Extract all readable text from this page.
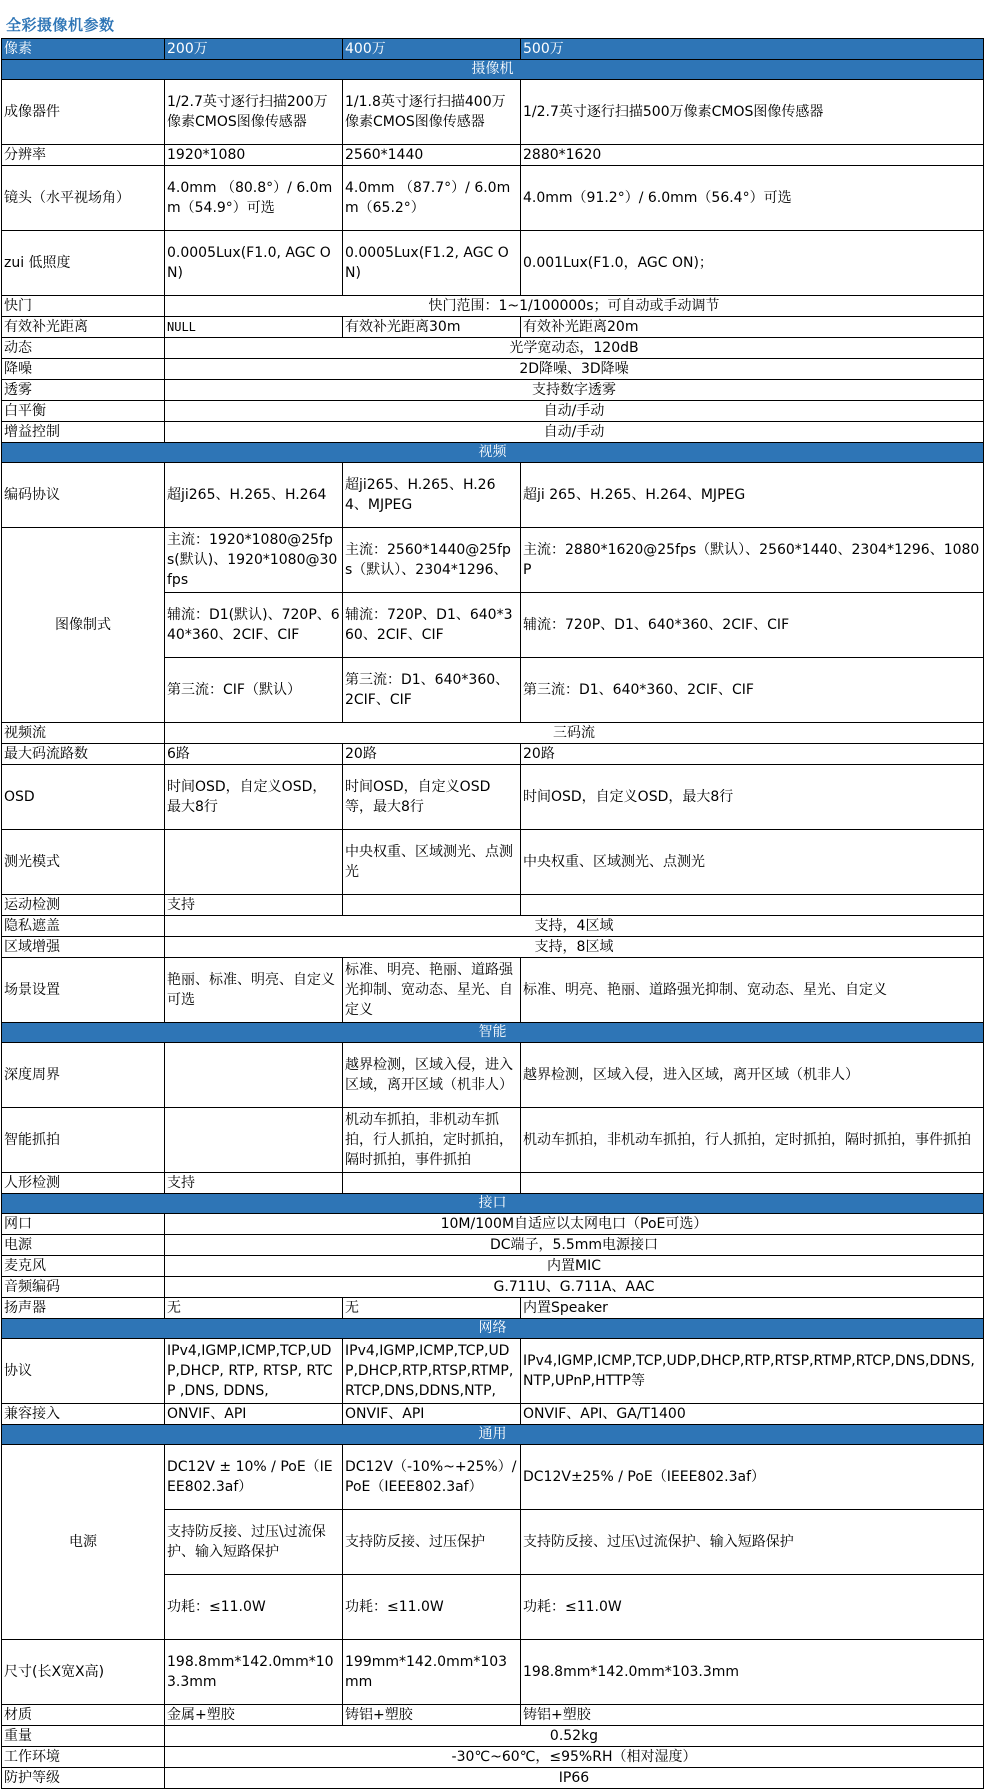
全彩摄像机参数
像素	200万	400万	500万
摄像机			
成像器件	1/2.7英寸逐行扫描200万像素CMOS图像传感器	1/1.8英寸逐行扫描400万像素CMOS图像传感器	1/2.7英寸逐行扫描500万像素CMOS图像传感器
分辨率	1920*1080	2560*1440	2880*1620
镜头（水平视场角）	4.0mm （80.8°）/ 6.0mm（54.9°）可选	4.0mm （87.7°）/ 6.0mm（65.2°）	4.0mm（91.2°）/ 6.0mm（56.4°）可选
zui 低照度	0.0005Lux(F1.0, AGC ON)	0.0005Lux(F1.2, AGC ON)	0.001Lux(F1.0，AGC ON)；
快门	快门范围：1~1/100000s；可自动或手动调节		
有效补光距离	NULL	有效补光距离30m	有效补光距离20m
动态	光学宽动态，120dB		
降噪	2D降噪、3D降噪		
透雾	支持数字透雾		
白平衡	自动/手动		
增益控制	自动/手动		
视频			
编码协议	超ji265、H.265、H.264	超ji265、H.265、H.264、MJPEG	超ji 265、H.265、H.264、MJPEG
图像制式	主流：1920*1080@25fps(默认)、1920*1080@30fps	主流：2560*1440@25fps（默认）、2304*1296、	主流：2880*1620@25fps（默认）、2560*1440、2304*1296、1080P
	辅流：D1(默认)、720P、640*360、2CIF、CIF	辅流：720P、D1、640*360、2CIF、CIF	辅流：720P、D1、640*360、2CIF、CIF
	第三流：CIF（默认）	第三流：D1、640*360、2CIF、CIF	第三流：D1、640*360、2CIF、CIF
视频流	三码流		
最大码流路数	6路	20路	20路
OSD	时间OSD，自定义OSD，最大8行	时间OSD，自定义OSD等，最大8行	时间OSD，自定义OSD，最大8行
测光模式		中央权重、区域测光、点测光	中央权重、区域测光、点测光
运动检测	支持		
隐私遮盖	支持，4区域		
区域增强	支持，8区域		
场景设置	艳丽、标准、明亮、自定义可选	标准、明亮、艳丽、道路强光抑制、宽动态、星光、自定义	标准、明亮、艳丽、道路强光抑制、宽动态、星光、自定义
智能			
深度周界		越界检测，区域入侵，进入区域，离开区域（机非人）	越界检测，区域入侵，进入区域，离开区域（机非人）
智能抓拍		机动车抓拍，非机动车抓拍，行人抓拍，定时抓拍，隔时抓拍，事件抓拍	机动车抓拍，非机动车抓拍，行人抓拍，定时抓拍，隔时抓拍，事件抓拍
人形检测	支持		
接口			
网口	10M/100M自适应以太网电口（PoE可选）		
电源	DC端子，5.5mm电源接口		
麦克风	内置MIC		
音频编码	G.711U、G.711A、AAC		
扬声器	无	无	内置Speaker
网络			
协议	IPv4,IGMP,ICMP,TCP,UDP,DHCP, RTP, RTSP, RTCP ,DNS, DDNS,	IPv4,IGMP,ICMP,TCP,UDP,DHCP,RTP,RTSP,RTMP,RTCP,DNS,DDNS,NTP,	IPv4,IGMP,ICMP,TCP,UDP,DHCP,RTP,RTSP,RTMP,RTCP,DNS,DDNS,NTP,UPnP,HTTP等
兼容接入	ONVIF、API	ONVIF、API	ONVIF、API、GA/T1400
通用			
电源	DC12V ± 10% / PoE（IEEE802.3af）	DC12V（-10%~+25%）/ PoE（IEEE802.3af）	DC12V±25% / PoE（IEEE802.3af）
	支持防反接、过压\过流保护、输入短路保护	支持防反接、过压保护	支持防反接、过压\过流保护、输入短路保护
	功耗：≤11.0W	功耗：≤11.0W	功耗：≤11.0W
尺寸(长X宽X高)	198.8mm*142.0mm*103.3mm	199mm*142.0mm*103mm	198.8mm*142.0mm*103.3mm
材质	金属+塑胶	铸铝+塑胶	铸铝+塑胶
重量	0.52kg		
工作环境	-30℃~60℃，≤95%RH（相对湿度）		
防护等级	IP66		
